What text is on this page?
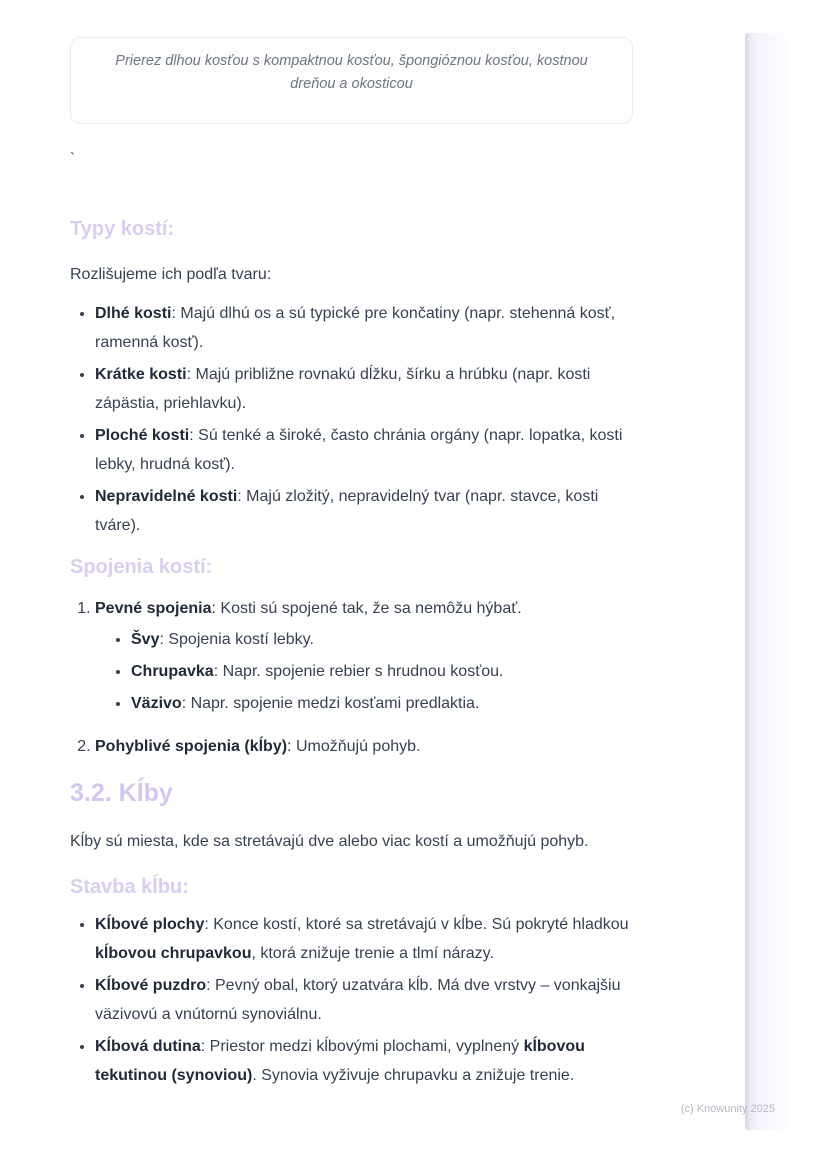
Prierez dlhou kosťou s kompaktnou kosťou, špongióznou kosťou, kostnou dreňou a okosticou
`
Typy kostí:

Rozlišujeme ich podľa tvaru:

• Dlhé kosti: Majú dlhú os a sú typické pre končatiny (napr. stehenná kosť, ramenná kosť).
• Krátke kosti: Majú približne rovnakú dĺžku, šírku a hrúbku (napr. kosti zápästia, priehlavku).
• Ploché kosti: Sú tenké a široké, často chránia orgány (napr. lopatka, kosti lebky, hrudná kosť).
• Nepravidelné kosti: Majú zložitý, nepravidelný tvar (napr. stavce, kosti tváre).
Spojenia kostí:
1. Pevné spojenia: Kosti sú spojené tak, že sa nemôžu hýbať.
• Švy: Spojenia kostí lebky.
• Chrupavka: Napr. spojenie rebier s hrudnou kosťou.
• Väzivo: Napr. spojenie medzi kosťami predlaktia.
2. Pohyblivé spojenia (kĺby): Umožňujú pohyb.
3.2. Kĺby

Kĺby sú miesta, kde sa stretávajú dve alebo viac kostí a umožňujú pohyb.

Stavba kĺbu:
• Kĺbové plochy: Konce kostí, ktoré sa stretávajú v kĺbe. Sú pokryté hladkou kĺbovou chrupavkou, ktorá znižuje trenie a tlmí nárazy.
• Kĺbové puzdro: Pevný obal, ktorý uzatvára kĺb. Má dve vrstvy – vonkajšiu väzivovú a vnútornú synoviálnu.
• Kĺbová dutina: Priestor medzi kĺbovými plochami, vyplnený kĺbovou tekutinou (synoviou). Synovia vyživuje chrupavku a znižuje trenie.
(c) Knowunity 2025
